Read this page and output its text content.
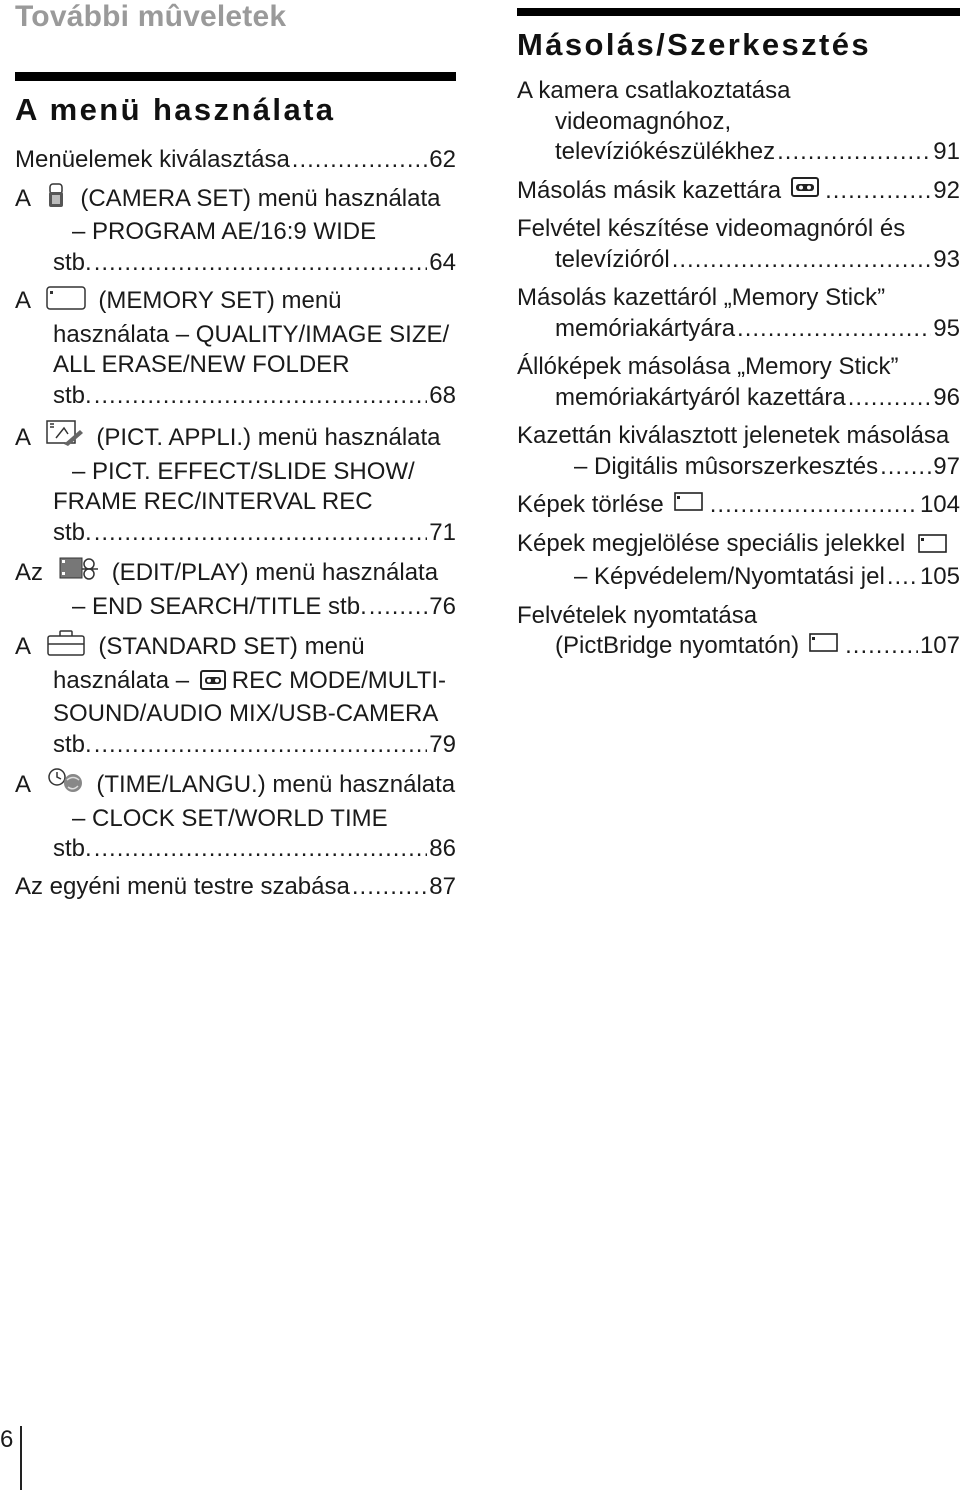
További mûveletek
A menü használata
Menüelemek kiválasztása .....	62
A (CAMERA SET) menü használata
– PROGRAM AE/16:9 WIDE
stb. .....	64
A	(MEMORY SET) menü
használata – QUALITY/IMAGE SIZE/
ALL ERASE/NEW FOLDER
stb. .....	68
A	(PICT. APPLI.) menü használata
– PICT. EFFECT/SLIDE SHOW/
FRAME REC/INTERVAL REC
stb. .....	71
Az	(EDIT/PLAY) menü használata
– END SEARCH/TITLE stb. .....	76
A	(STANDARD SET) menü
használata – REC MODE/MULTI-
SOUND/AUDIO MIX/USB-CAMERA
stb. .....	79
A	(TIME/LANGU.) menü használata
– CLOCK SET/WORLD TIME
stb. .....	86
Az egyéni menü testre szabása .....	87
Másolás/Szerkesztés
A kamera csatlakoztatása
videomagnóhoz,
televíziókészülékhez .....	91
Másolás másik kazettára .....	92
Felvétel készítése videomagnóról és
televízióról .....	93
Másolás kazettáról „Memory Stick”
memóriakártyára .....	95
Állóképek másolása „Memory Stick”
memóriakártyáról kazettára .....	96
Kazettán kiválasztott jelenetek másolása
– Digitális mûsorszerkesztés ..... 97
Képek törlése .....	104
Képek megjelölése speciális jelekkel
– Képvédelem/Nyomtatási jel ..... 105
Felvételek nyomtatása
(PictBridge nyomtatón) .....	107
6
